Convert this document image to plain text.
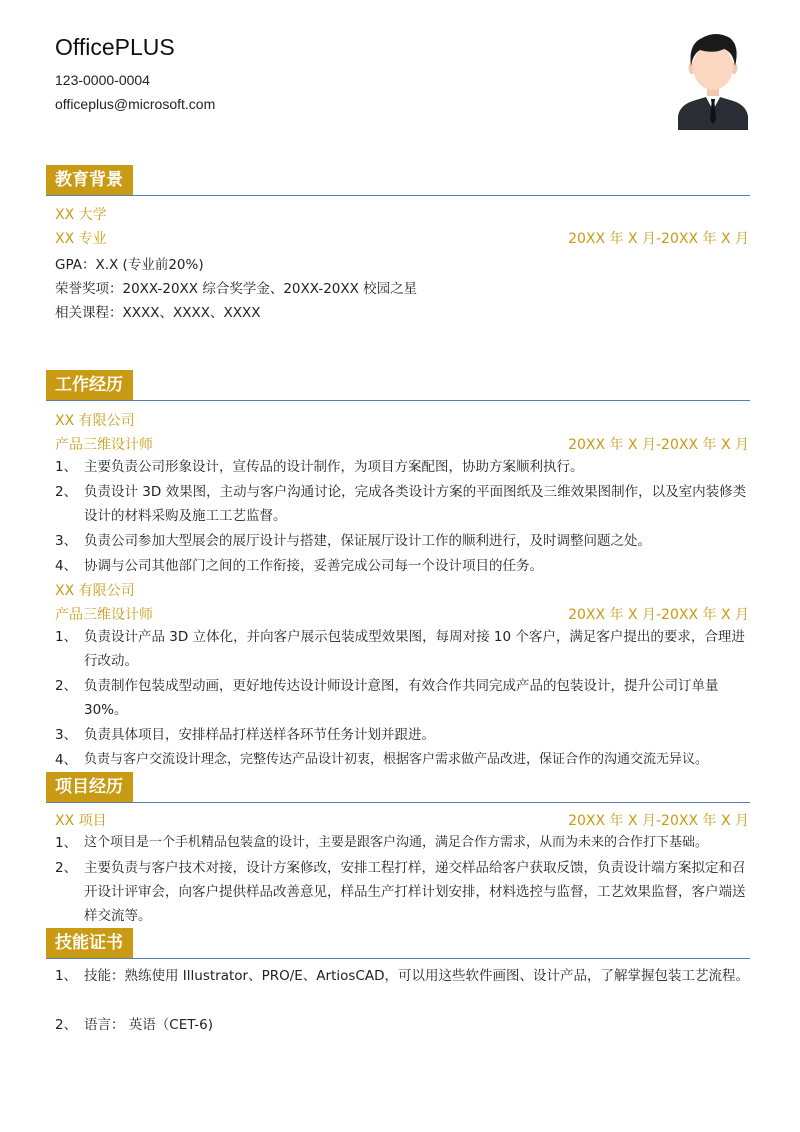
OfficePLUS
123-0000-0004
officeplus@microsoft.com
教育背景
XX 大学
XX 专业	20XX 年 X 月-20XX 年 X 月
GPA：X.X (专业前20%)
荣誉奖项：20XX-20XX 综合奖学金、20XX-20XX 校园之星
相关课程：XXXX、XXXX、XXXX
工作经历
XX 有限公司
产品三维设计师	20XX 年 X 月-20XX 年 X 月
1、 主要负责公司形象设计，宣传品的设计制作，为项目方案配图，协助方案顺利执行。
2、 负责设计 3D 效果图，主动与客户沟通讨论，完成各类设计方案的平面图纸及三维效果图制作，以及室内装修类设计的材料采购及施工工艺监督。
3、 负责公司参加大型展会的展厅设计与搭建，保证展厅设计工作的顺利进行，及时调整问题之处。
4、 协调与公司其他部门之间的工作衔接，妥善完成公司每一个设计项目的任务。
XX 有限公司
产品三维设计师	20XX 年 X 月-20XX 年 X 月
1、 负责设计产品 3D 立体化，并向客户展示包装成型效果图，每周对接 10 个客户，满足客户提出的要求，合理进行改动。
2、 负责制作包装成型动画，更好地传达设计师设计意图，有效合作共同完成产品的包装设计，提升公司订单量30%。
3、 负责具体项目，安排样品打样送样各环节任务计划并跟进。
4、 负责与客户交流设计理念，完整传达产品设计初衷，根据客户需求做产品改进，保证合作的沟通交流无异议。
项目经历
XX 项目	20XX 年 X 月-20XX 年 X 月
1、 这个项目是一个手机精品包装盒的设计，主要是跟客户沟通，满足合作方需求，从而为未来的合作打下基础。
2、 主要负责与客户技术对接，设计方案修改，安排工程打样，递交样品给客户获取反馈，负责设计端方案拟定和召开设计评审会，向客户提供样品改善意见，样品生产打样计划安排，材料选控与监督，工艺效果监督，客户端送样交流等。
技能证书
1、 技能：熟练使用 Illustrator、PRO/E、ArtiosCAD，可以用这些软件画图、设计产品，了解掌握包装工艺流程。
2、 语言： 英语（CET-6)
